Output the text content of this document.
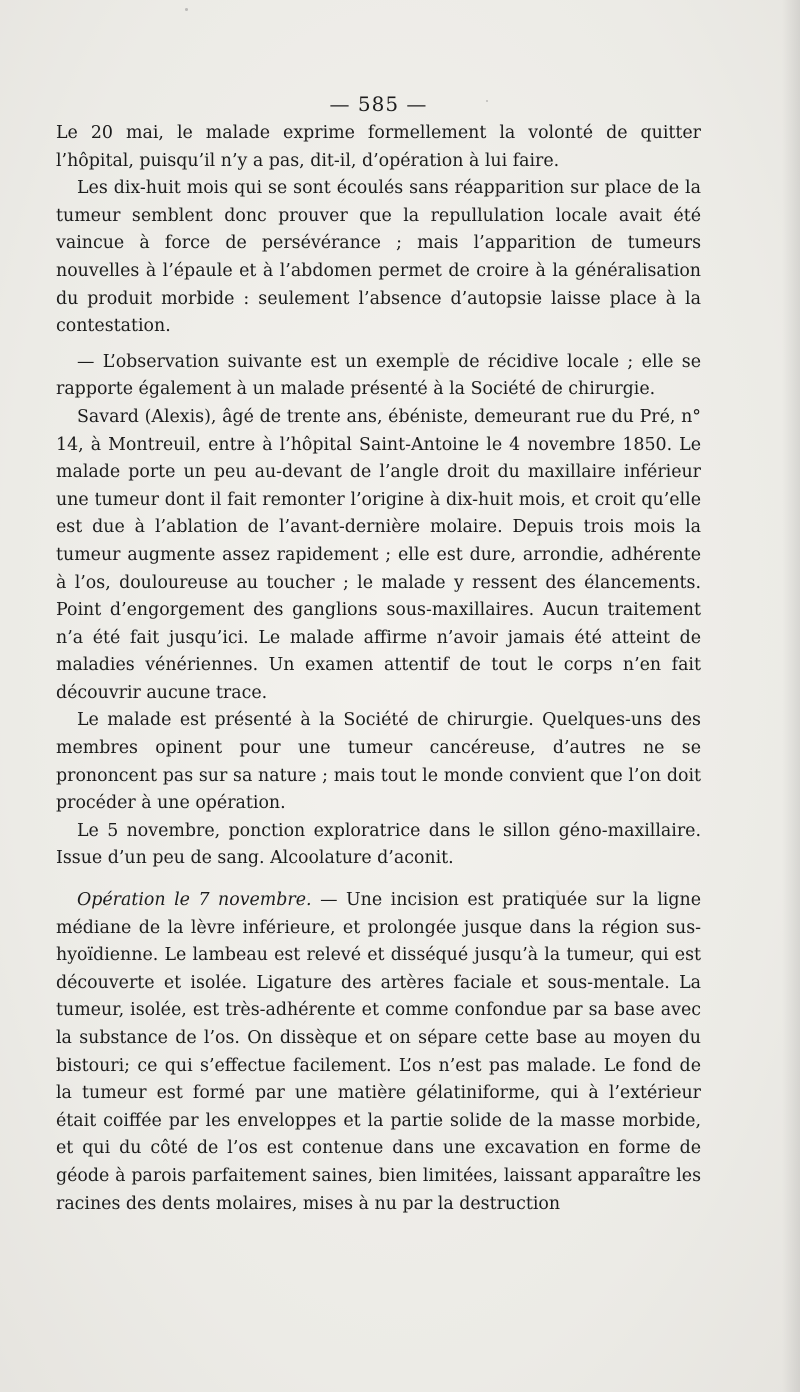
— 585 —

Le 20 mai, le malade exprime formellement la volonté de quitter l’hôpital, puisqu’il n’y a pas, dit-il, d’opération à lui faire.

Les dix-huit mois qui se sont écoulés sans réapparition sur place de la tumeur semblent donc prouver que la repullulation locale avait été vaincue à force de persévérance ; mais l’apparition de tumeurs nouvelles à l’épaule et à l’abdomen permet de croire à la généralisation du produit morbide : seulement l’absence d’autopsie laisse place à la contestation.

— L’observation suivante est un exemple de récidive locale ; elle se rapporte également à un malade présenté à la Société de chirurgie.

Savard (Alexis), âgé de trente ans, ébéniste, demeurant rue du Pré, n° 14, à Montreuil, entre à l’hôpital Saint-Antoine le 4 novembre 1850. Le malade porte un peu au-devant de l’angle droit du maxillaire inférieur une tumeur dont il fait remonter l’origine à dix-huit mois, et croit qu’elle est due à l’ablation de l’avant-dernière molaire. Depuis trois mois la tumeur augmente assez rapidement ; elle est dure, arrondie, adhérente à l’os, douloureuse au toucher ; le malade y ressent des élancements. Point d’engorgement des ganglions sous-maxillaires. Aucun traitement n’a été fait jusqu’ici. Le malade affirme n’avoir jamais été atteint de maladies vénériennes. Un examen attentif de tout le corps n’en fait découvrir aucune trace.

Le malade est présenté à la Société de chirurgie. Quelques-uns des membres opinent pour une tumeur cancéreuse, d’autres ne se prononcent pas sur sa nature ; mais tout le monde convient que l’on doit procéder à une opération.

Le 5 novembre, ponction exploratrice dans le sillon géno-maxillaire. Issue d’un peu de sang. Alcoolature d’aconit.

Opération le 7 novembre. — Une incision est pratiquée sur la ligne médiane de la lèvre inférieure, et prolongée jusque dans la région sus-hyoïdienne. Le lambeau est relevé et disséqué jusqu’à la tumeur, qui est découverte et isolée. Ligature des artères faciale et sous-mentale. La tumeur, isolée, est très-adhérente et comme confondue par sa base avec la substance de l’os. On dissèque et on sépare cette base au moyen du bistouri; ce qui s’effectue facilement. L’os n’est pas malade. Le fond de la tumeur est formé par une matière gélatiniforme, qui à l’extérieur était coiffée par les enveloppes et la partie solide de la masse morbide, et qui du côté de l’os est contenue dans une excavation en forme de géode à parois parfaitement saines, bien limitées, laissant apparaître les racines des dents molaires, mises à nu par la destruction
